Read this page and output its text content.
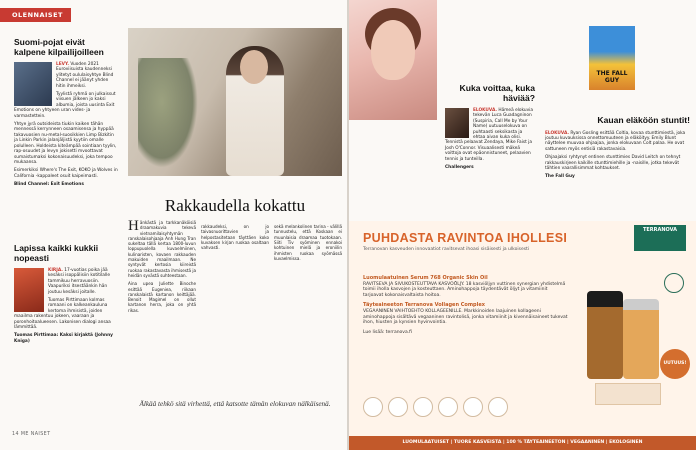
OLENNAISET
Suomi-pojat eivät kalpene kilpailijoilleen

LEVY. Vuoden 2021 Euroviisuista kaudenneksi ylitetyt oululaisyhtye Blind Channel ei jäänyt yhden hitin ihmeiksi.

Tyylistä ryhmä on julkaissut viisuen jälkeen jo kaksi albumia, joista uusinta Exit Emotions on yhtyeen uran vides- ja varmastettein.

Yhtye jyrä outsideista tiukin kaiken tähän mennessä kerrynneen osaamisensa ja hyppää takavuosien nu-metal-suosikkien Limp Bizkitin ja Linkin Parkin jalanjäljistä kyytiin omalle polulleen. Holdeista kiteämpää sointiaan tyylin, rap-osuudet ja levyn jokisetti mvoottavat sumaistumaksi kokonaisuudeksi, joka tempoo mukaansa.

Esimerkiksi Where's The Exit, KOKO ja Wolves in California -kappaleet osuit kaipeimasti.

Blind Channel: Exit Emotions

Lapissa kaikki kukkii nopeasti

KIRJA. 17-vuotias poika jää kesäksi isoppälisiin kotitilalle tammikuu herravuosiin. Vaapuriksi itsestäänkin hän joutuu kesäksi joitalle.

Tuomas Pirttimaan kolmas romaani on kalkeankauluna kertoma ihmisistä, joiden maailma rakentuu jokeen, vaaraan ja poronhoitoalueesen. Lakonisen dialogi ansaa lämmittää.

Tuomas Pirttimaa: Kaksi kirjaktä (Johnny Kniga)

Rakkaudella kokattu
Hänkästä ja tarkkanäköisiä draamakuvia tekevä vietnamilaisyhtymän ranskalaisohjaaja Anh Hung Tran sukeltaa tällä kertaa 1800-luvun loppupuolella kuvaelmiinen, kulinaristen, kovaen rakkauden makuiden maailmaan. Ne syntyvät kertosia kiireistä ruokaa rakastavasta ihmisestä ja heidän syvästä suhteestaan.

Aina upea Juliette Binoche esittää Eugeniea, riikaan ranskalaistä kartanon keittäjää. Benoit Magimel on ollut kartanon herra, joka on yhtä rikas.

rakkaudeksi, on jo taivasnuorittavien ja helpostasitetaan täyttäen koko kuvaksen kirjan ruokaa osaltaan vahvasti.

sekä melankolinen tarina - välillä tunnustelu, että Koskaan ei muunlaisia draamaa tuotokaan. Siiti Tiv syöminen ennakoi kohtuinen mielä ja eroniilin ihmisten ruokaa syömässä kuvaelmissa.

Älkää tehkö sitä virhettä, että katsotte tämän elokuvan nälkäisenä.
14 ME NAISET
Kuka voittaa, kuka häviää?

ELOKUVA. Hämeä elokuvia tekevän Luca Guadagninon (Suspiria, Call Me by Your Name) uutuuselokuva on puhtaasti seksikasta ja ehtaa aivan kuka olisi. Tennistä pelaavat Zendaya, Mike Faist ja Josh O'Connor. Visuaalisesti mäkeä voittoja ovat epäonnistuneet, pelaavien tennis ja tunteilla.

Challengers

THE FALL GUY
Kauan eläköön stuntit!

ELOKUVA. Ryan Gosling esittää Coltia, kovaa stunttimiestä, joka joutuu kuvauksissa onnettomuuteen ja eläköityy. Emily Blunt näyttelee muuvaa ohjaajaa, jonka elokuvaan Colt palaa. He ovat sattuneen myös entisiä rakastavaisia.

Ohjaajaksi ryhtynyt entinen stunttimies David Leitch on tehnyt rakkauskirjeen kaikille stunttimiehille ja -naisille, jotka tekevät tähtien vaarallisimmat kohtaukset.

The Fall Guy

PUHDASTA RAVINTOA IHOLLESI
Terranovan kasveuden innovaatiot ravitsevat ihoasi sisäisesti ja ulkoisesti
TERRANOVA
Luomulaatuinen Serum 768 Organic Skin Oil
RAVITSEVA JA SIVUKOSTEUTTAVA KASVOÖLJY. 18 kasviöljyn vuttinen synergian yhdistelmä toimii iholla kasvojen ja kosteuttaen. Aminohappoja täydentävät öljyt ja vitamiinit tarjoavat kokonaisvaltaista hoitoa.
Täyteaineeton Terranova Vollagen Complex
VEGAANINEN VAIHTOEHTO KOLLAGEENILLE. Markkinoiden laajuinen kollageeni aminohappoja sisältävä vegaaninen ravintolisä, jonka vitamiinit ja kivennäisaineet tukevat ihon, hiusten ja kynsien hyvinvointia.
Lue lisää: terranova.fi
UUTUUS!
LUOMULAATUISET | TUORE KASVEISTA | 100 % TÄYTEAINEETON | VEGAANINEN | EKOLOGINEN
